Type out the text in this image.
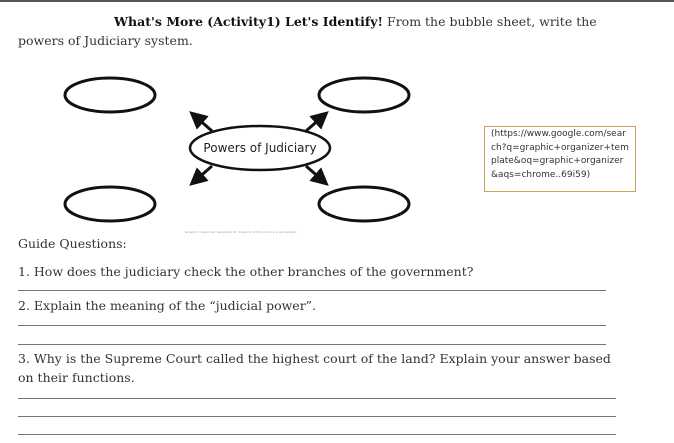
What's More (Activity1) Let's Identify! From the bubble sheet, write the powers of Judiciary system.
Powers of Judiciary
(https://www.google.com/search?q=graphic+organizer+template&oq=graphic+organizer&aqs=chrome..69i59)
Graphic Organizer template for Powers of the Judiciary worksheet
Guide Questions:
1. How does the judiciary check the other branches of the government?
2. Explain the meaning of the “judicial power”.
3. Why is the Supreme Court called the highest court of the land? Explain your answer based on their functions.
